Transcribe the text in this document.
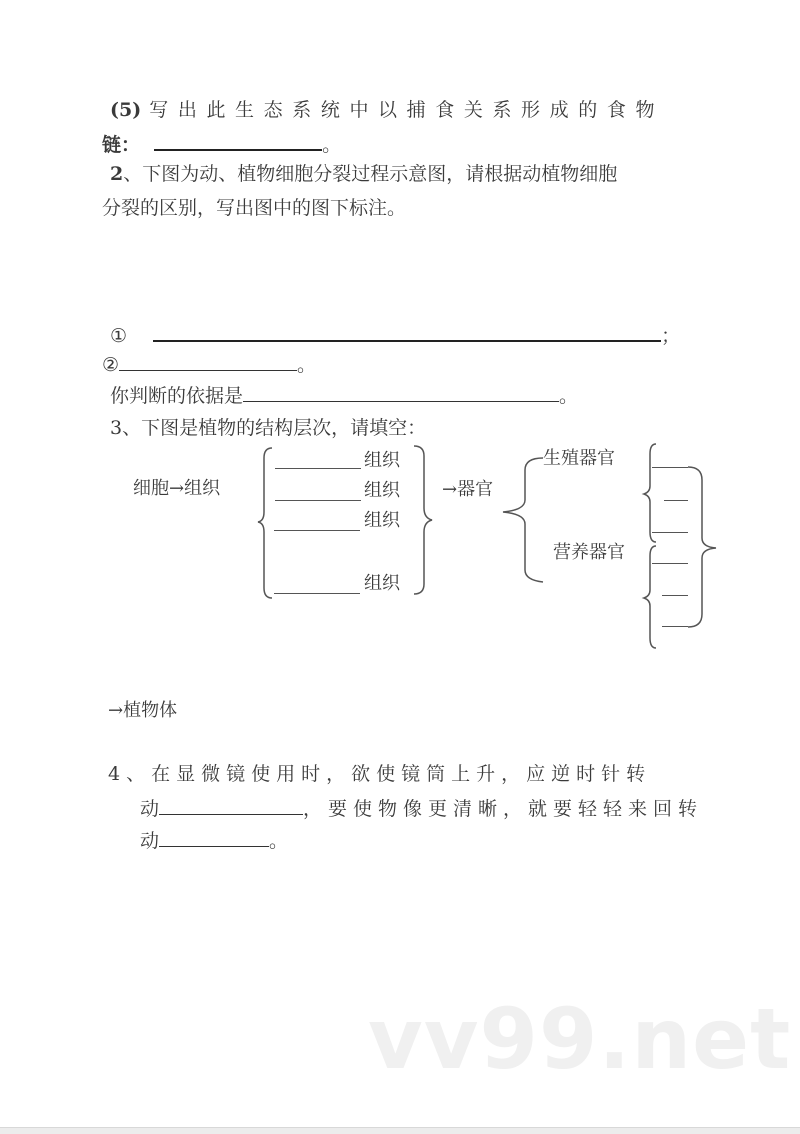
(5) 写出此生态系统中以捕食关系形成的食物
链：	。
2、下图为动、植物细胞分裂过程示意图，请根据动植物细胞
分裂的区别，写出图中的图下标注。
①	；
②	。
你判断的依据是	。
3、下图是植物的结构层次，请填空：
细胞→组织
组织
组织
组织
组织
→器官
生殖器官
营养器官
→植物体
4、在显微镜使用时，欲使镜筒上升，应逆时针转
动	，要使物像更清晰，就要轻轻来回转
动	。
vv99.net
